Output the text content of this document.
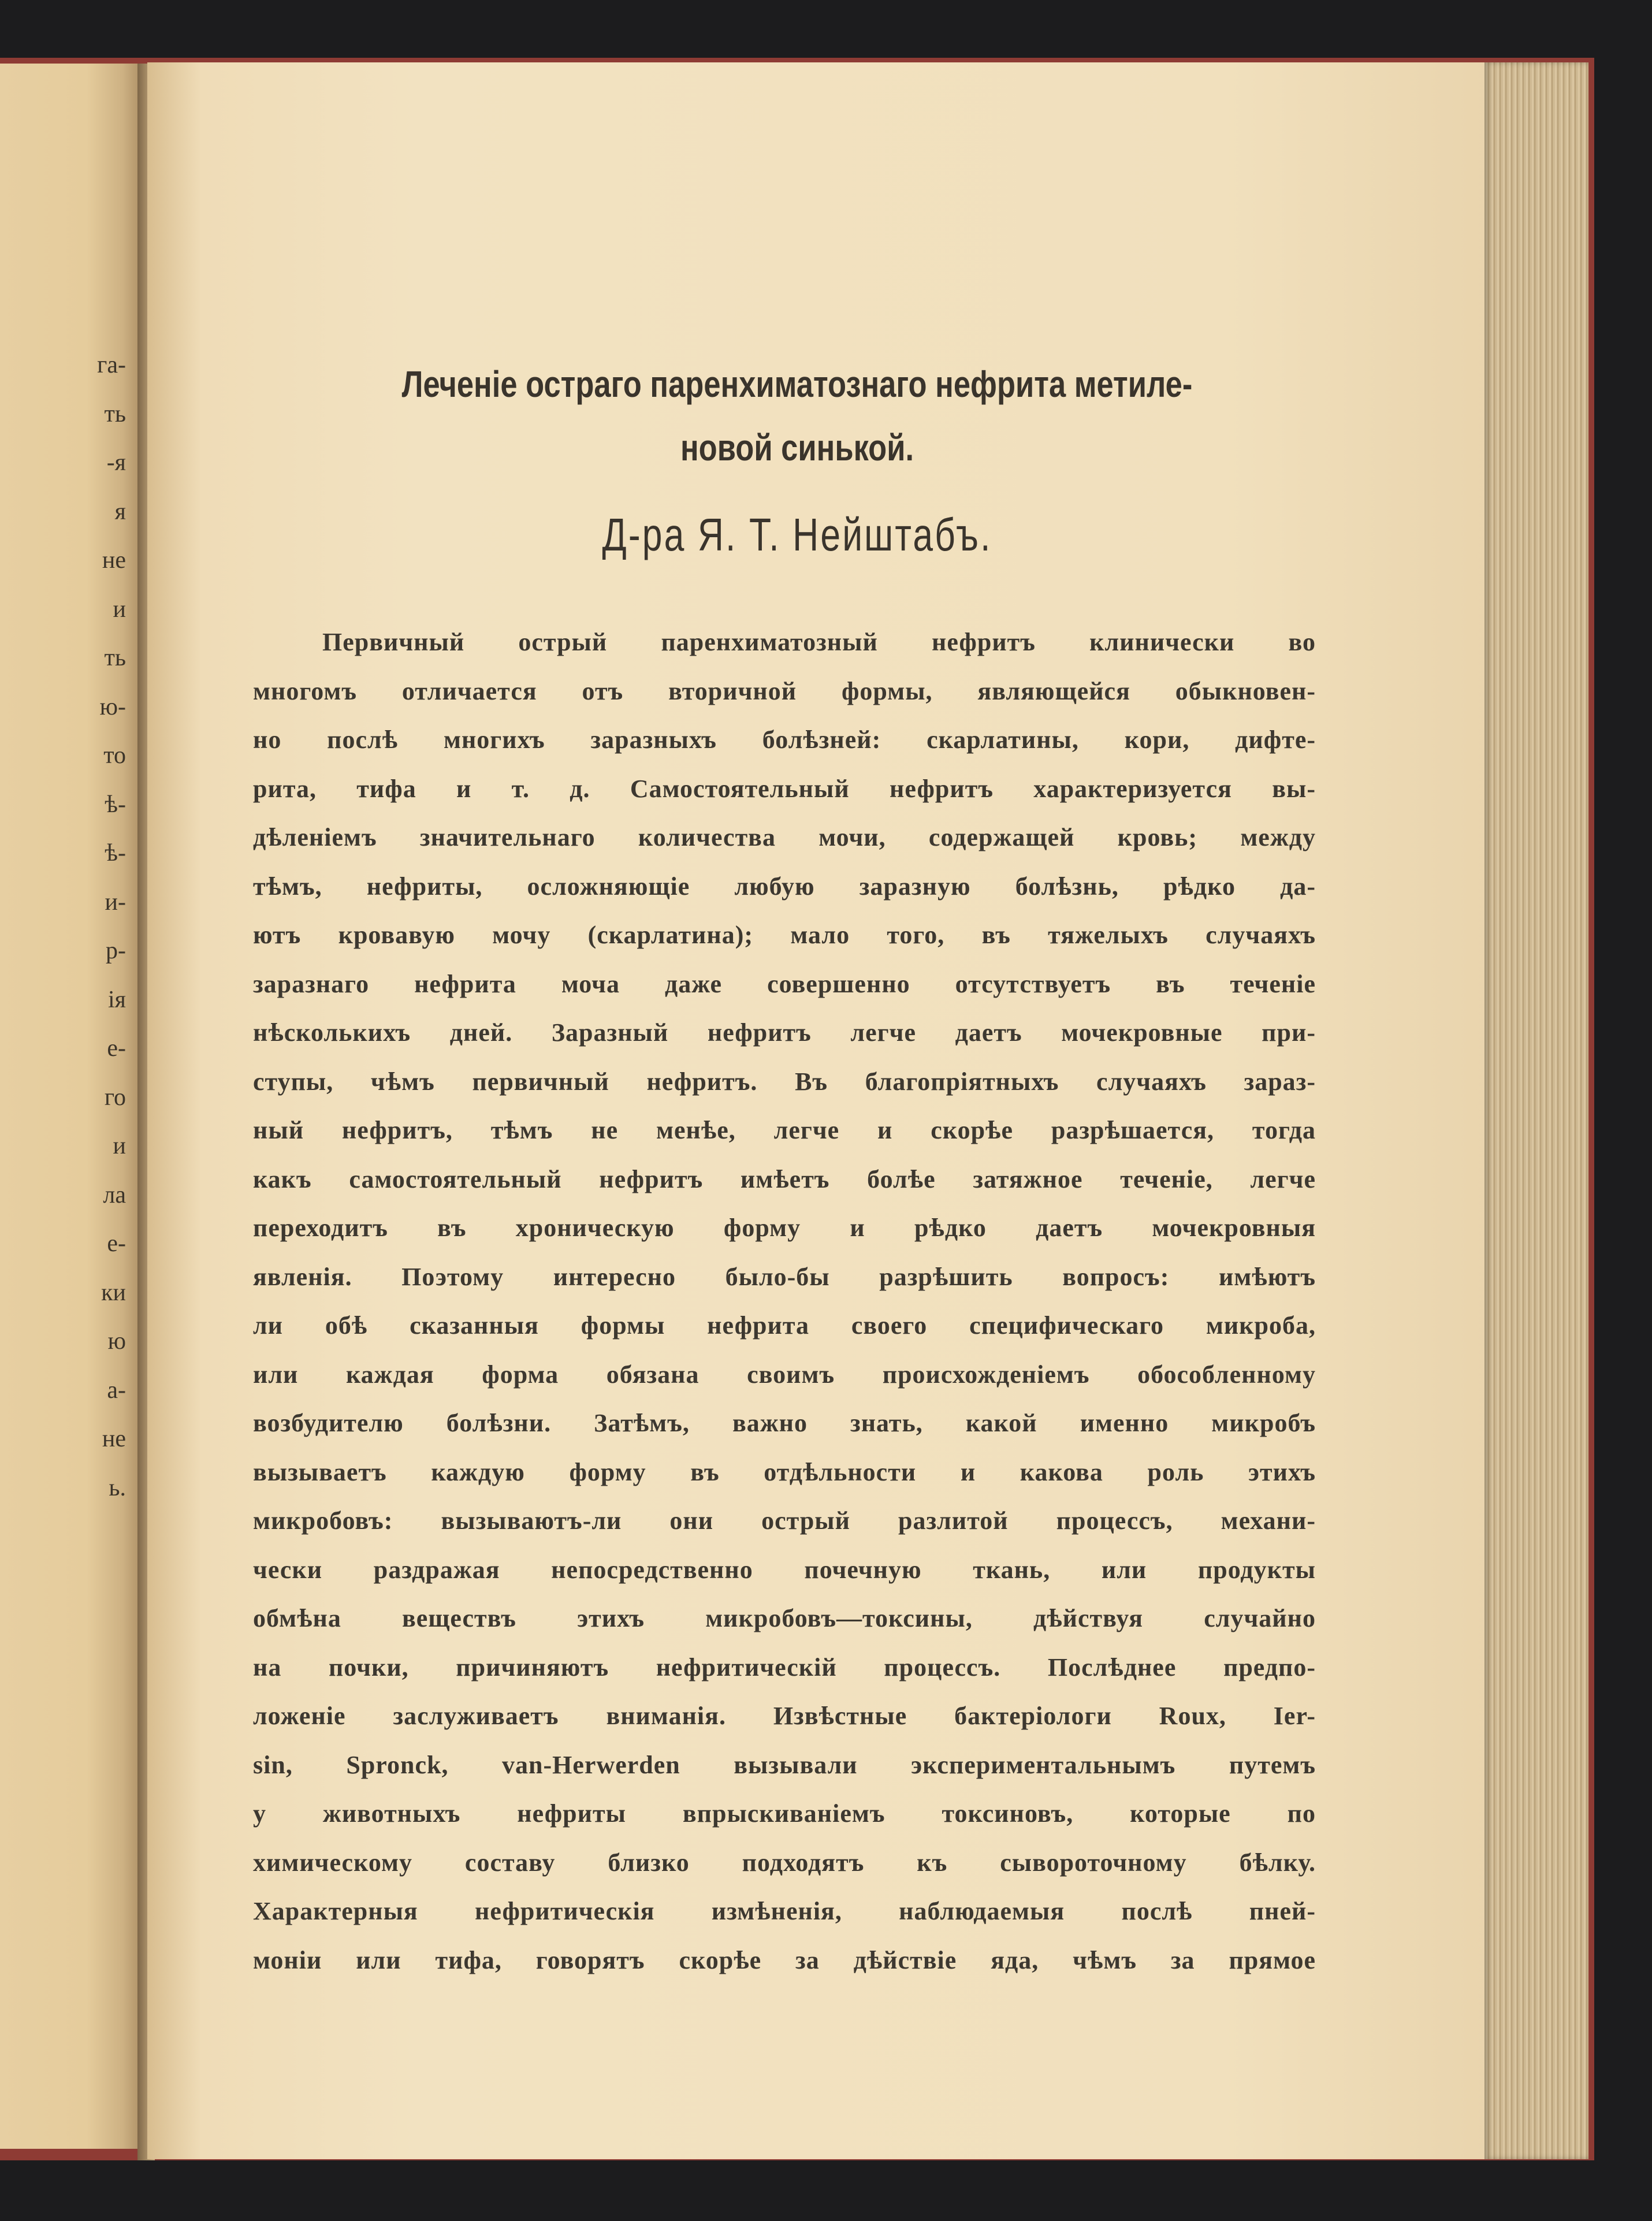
га-
ть
-я
я
не
и
ть
ю-
то
ѣ-
ѣ-
и-
р-
ія
е-
го
и
ла
е-
ки
ю
а-
не
ь.
Леченіе остраго паренхиматознаго нефрита метиле-
новой синькой.
Д-ра Я. Т. Нейштабъ.
Первичный острый паренхиматозный нефритъ клинически во
многомъ отличается отъ вторичной формы, являющейся обыкновен-
но послѣ многихъ заразныхъ болѣзней: скарлатины, кори, дифте-
рита, тифа и т. д. Самостоятельный нефритъ характеризуется вы-
дѣленіемъ значительнаго количества мочи, содержащей кровь; между
тѣмъ, нефриты, осложняющіе любую заразную болѣзнь, рѣдко да-
ютъ кровавую мочу (скарлатина); мало того, въ тяжелыхъ случаяхъ
заразнаго нефрита моча даже совершенно отсутствуетъ въ теченіе
нѣсколькихъ дней. Заразный нефритъ легче даетъ мочекровные при-
ступы, чѣмъ первичный нефритъ. Въ благопріятныхъ случаяхъ зараз-
ный нефритъ, тѣмъ не менѣе, легче и скорѣе разрѣшается, тогда
какъ самостоятельный нефритъ имѣетъ болѣе затяжное теченіе, легче
переходитъ въ хроническую форму и рѣдко даетъ мочекровныя
явленія. Поэтому интересно было-бы разрѣшить вопросъ: имѣютъ
ли обѣ сказанныя формы нефрита своего специфическаго микроба,
или каждая форма обязана своимъ происхожденіемъ обособленному
возбудителю болѣзни. Затѣмъ, важно знать, какой именно микробъ
вызываетъ каждую форму въ отдѣльности и какова роль этихъ
микробовъ: вызываютъ-ли они острый разлитой процессъ, механи-
чески раздражая непосредственно почечную ткань, или продукты
обмѣна веществъ этихъ микробовъ—токсины, дѣйствуя случайно
на почки, причиняютъ нефритическій процессъ. Послѣднее предпо-
ложеніе заслуживаетъ вниманія. Извѣстные бактеріологи Roux, Ier-
sin, Spronck, van-Herwerden вызывали экспериментальнымъ путемъ
у животныхъ нефриты впрыскиваніемъ токсиновъ, которые по
химическому составу близко подходятъ къ сывороточному бѣлку.
Характерныя нефритическія измѣненія, наблюдаемыя послѣ пней-
моніи или тифа, говорятъ скорѣе за дѣйствіе яда, чѣмъ за прямое
